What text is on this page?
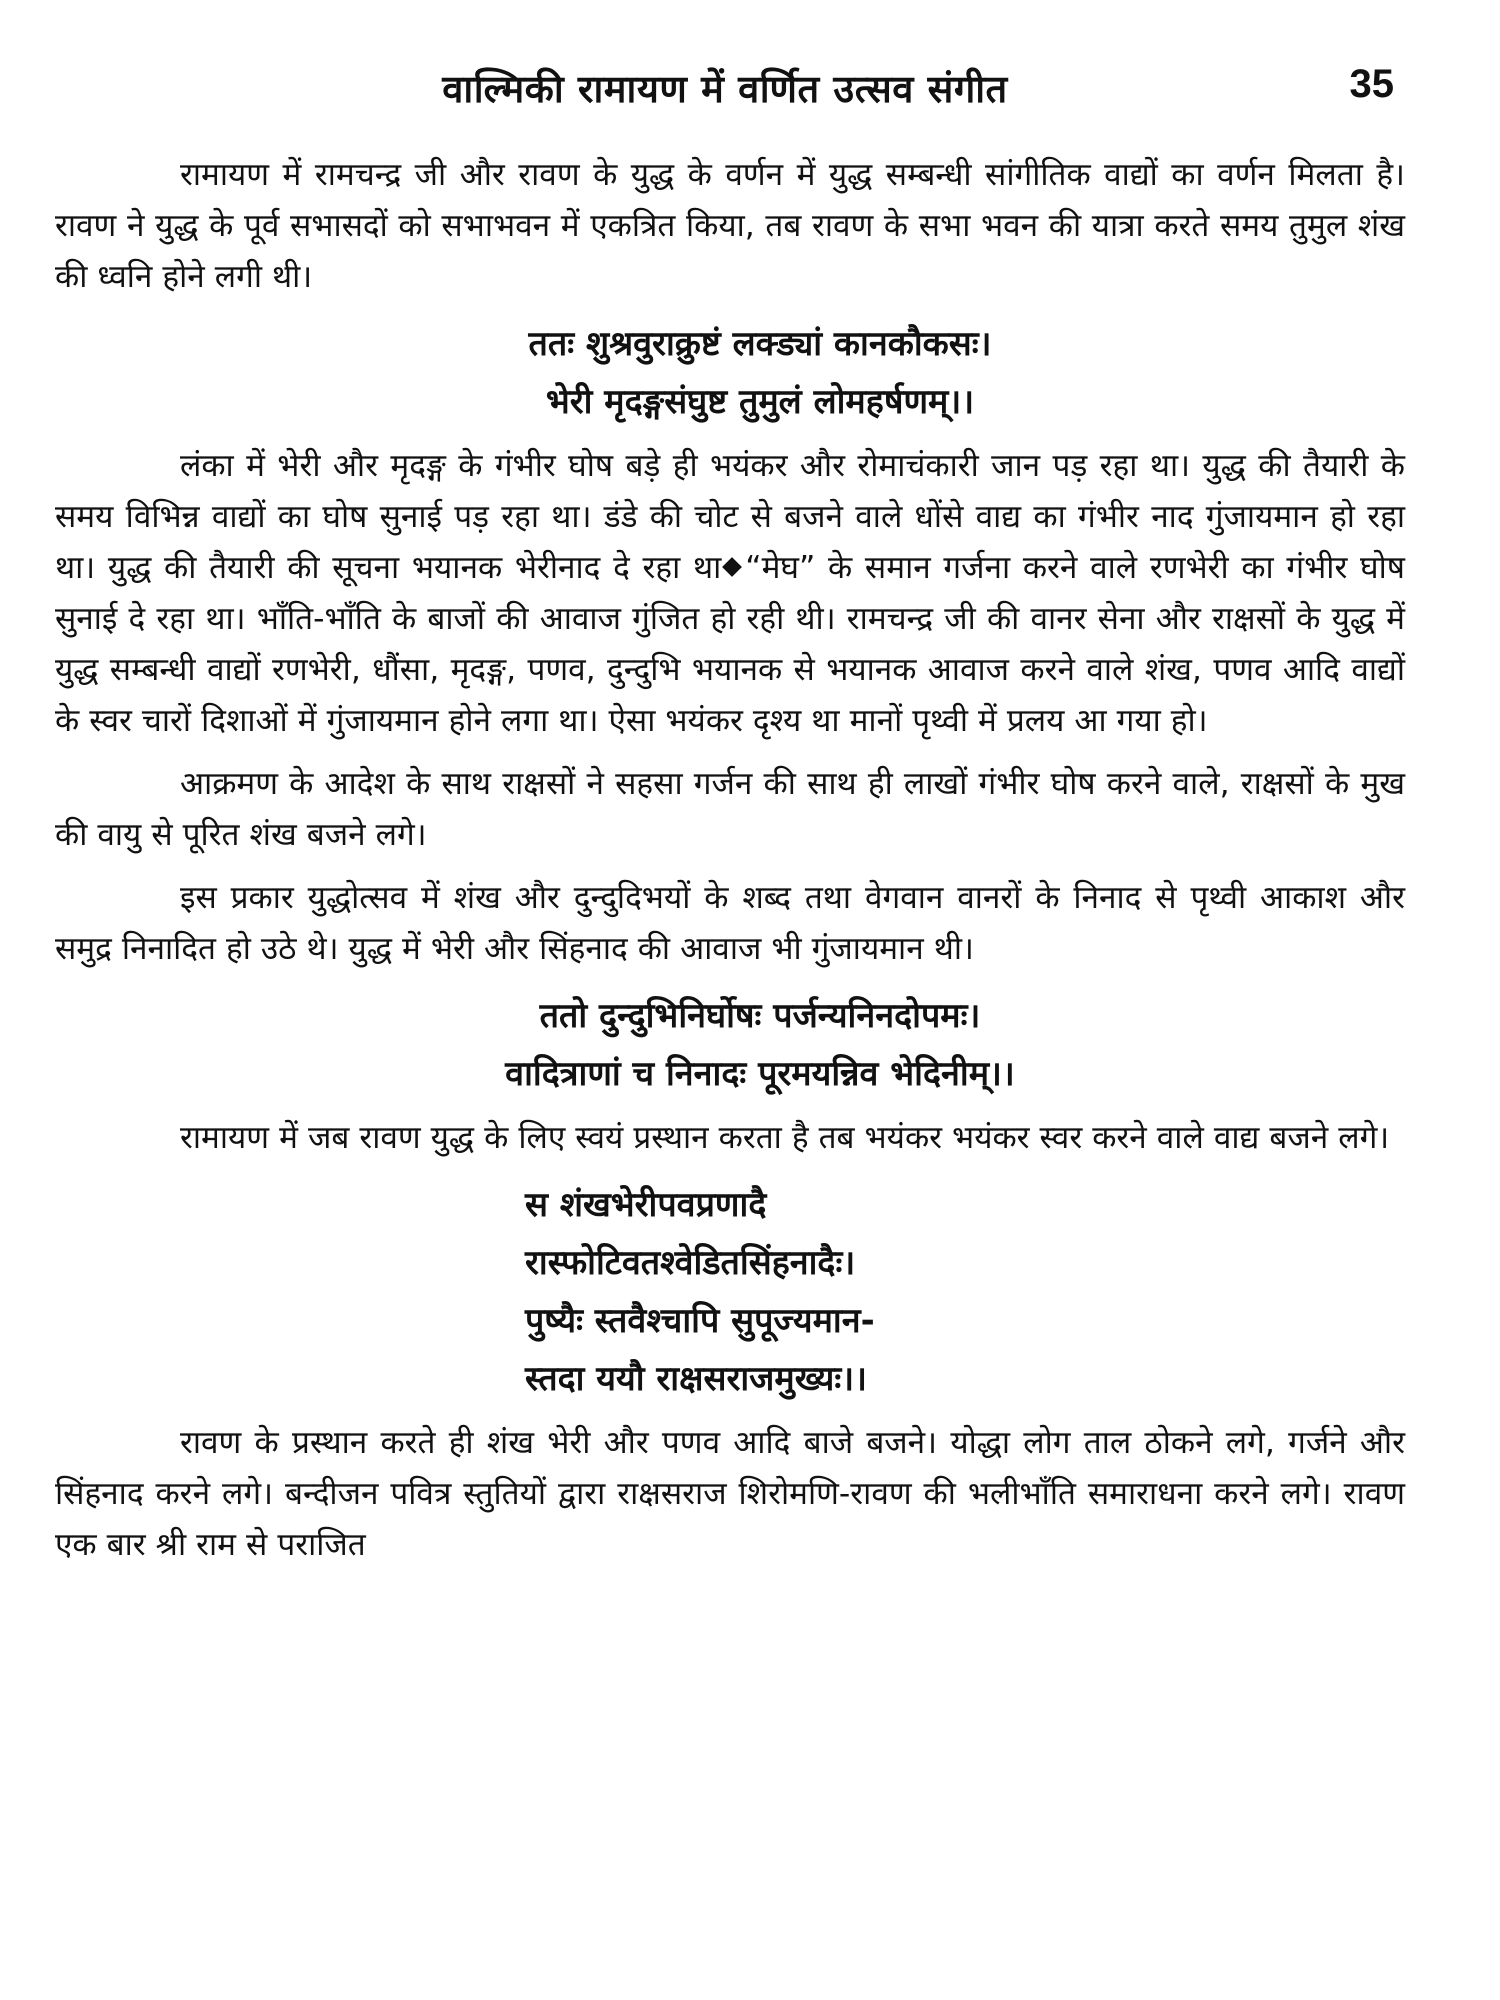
वाल्मिकी रामायण में वर्णित उत्सव संगीत	35

रामायण में रामचन्द्र जी और रावण के युद्ध के वर्णन में युद्ध सम्बन्धी सांगीतिक वाद्यों का वर्णन मिलता है। रावण ने युद्ध के पूर्व सभासदों को सभाभवन में एकत्रित किया, तब रावण के सभा भवन की यात्रा करते समय तुमुल शंख की ध्वनि होने लगी थी।

ततः शुश्रवुराक्रुष्टं लक्ड्यां कानकौकसः।
भेरी मृदङ्गसंघुष्ट तुमुलं लोमहर्षणम्।।

लंका में भेरी और मृदङ्ग के गंभीर घोष बड़े ही भयंकर और रोमाचंकारी जान पड़ रहा था। युद्ध की तैयारी के समय विभिन्न वाद्यों का घोष सुनाई पड़ रहा था। डंडे की चोट से बजने वाले धोंसे वाद्य का गंभीर नाद गुंजायमान हो रहा था। युद्ध की तैयारी की सूचना भयानक भेरीनाद दे रहा था “मेघ” के समान गर्जना करने वाले रणभेरी का गंभीर घोष सुनाई दे रहा था। भाँति-भाँति के बाजों की आवाज गुंजित हो रही थी। रामचन्द्र जी की वानर सेना और राक्षसों के युद्ध में युद्ध सम्बन्धी वाद्यों रणभेरी, धौंसा, मृदङ्ग, पणव, दुन्दुभि भयानक से भयानक आवाज करने वाले शंख, पणव आदि वाद्यों के स्वर चारों दिशाओं में गुंजायमान होने लगा था। ऐसा भयंकर दृश्य था मानों पृथ्वी में प्रलय आ गया हो।

आक्रमण के आदेश के साथ राक्षसों ने सहसा गर्जन की साथ ही लाखों गंभीर घोष करने वाले, राक्षसों के मुख की वायु से पूरित शंख बजने लगे।

इस प्रकार युद्धोत्सव में शंख और दुन्दुदिभयों के शब्द तथा वेगवान वानरों के निनाद से पृथ्वी आकाश और समुद्र निनादित हो उठे थे। युद्ध में भेरी और सिंहनाद की आवाज भी गुंजायमान थी।

ततो दुन्दुभिनिर्घोषः पर्जन्यनिनदोपमः।
वादित्राणां च निनादः पूरमयन्निव भेदिनीम्।।

रामायण में जब रावण युद्ध के लिए स्वयं प्रस्थान करता है तब भयंकर भयंकर स्वर करने वाले वाद्य बजने लगे।

स शंखभेरीपवप्रणादै
रास्फोटिवतश्वेडितसिंहनादैः।
पुष्यैः स्तवैश्चापि सुपूज्यमान-
स्तदा ययौ राक्षसराजमुख्यः।।

रावण के प्रस्थान करते ही शंख भेरी और पणव आदि बाजे बजने। योद्धा लोग ताल ठोकने लगे, गर्जने और सिंहनाद करने लगे। बन्दीजन पवित्र स्तुतियों द्वारा राक्षसराज शिरोमणि-रावण की भलीभाँति समाराधना करने लगे। रावण एक बार श्री राम से पराजित
